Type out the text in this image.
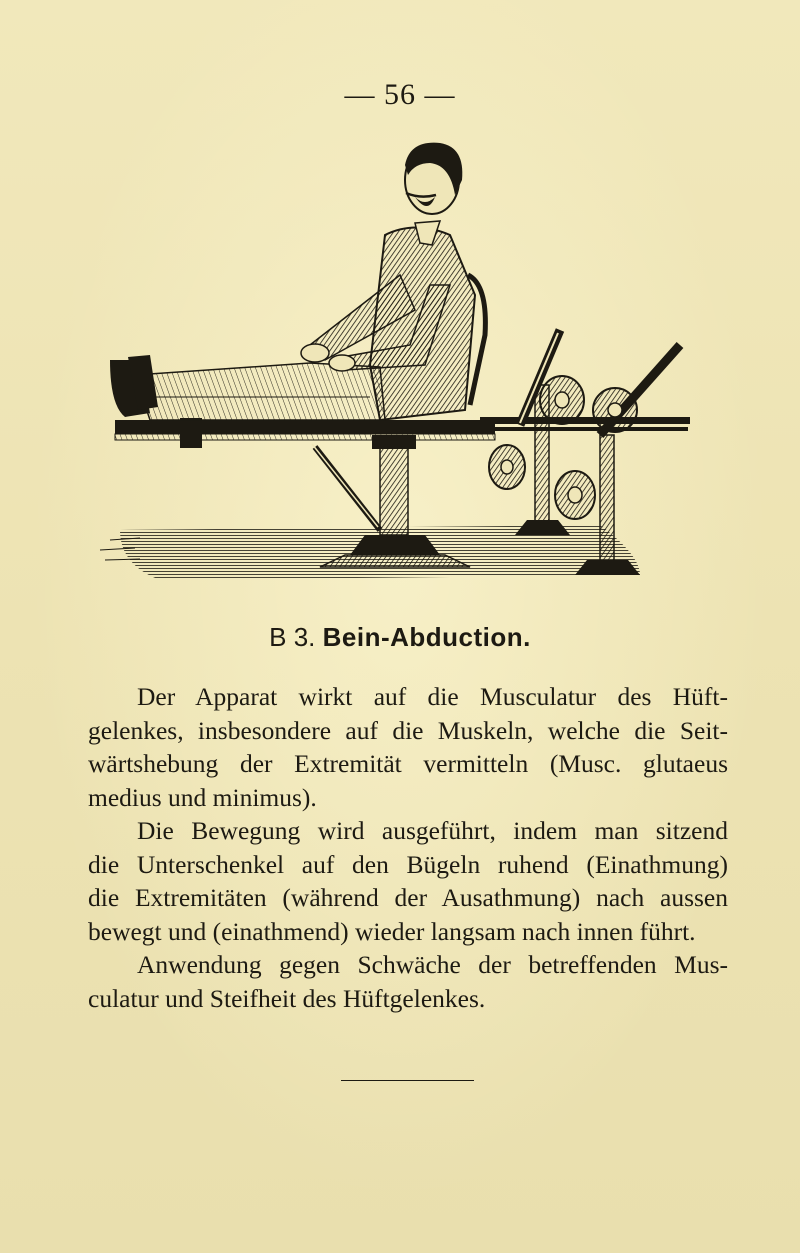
— 56 —
B 3. Bein-Abduction.
Der Apparat wirkt auf die Musculatur des Hüft-
gelenkes, insbesondere auf die Muskeln, welche die Seit-
wärtshebung der Extremität vermitteln (Musc. glutaeus
medius und minimus).
Die Bewegung wird ausgeführt, indem man sitzend
die Unterschenkel auf den Bügeln ruhend (Einathmung)
die Extremitäten (während der Ausathmung) nach aussen
bewegt und (einathmend) wieder langsam nach innen führt.
Anwendung gegen Schwäche der betreffenden Mus-
culatur und Steifheit des Hüftgelenkes.
